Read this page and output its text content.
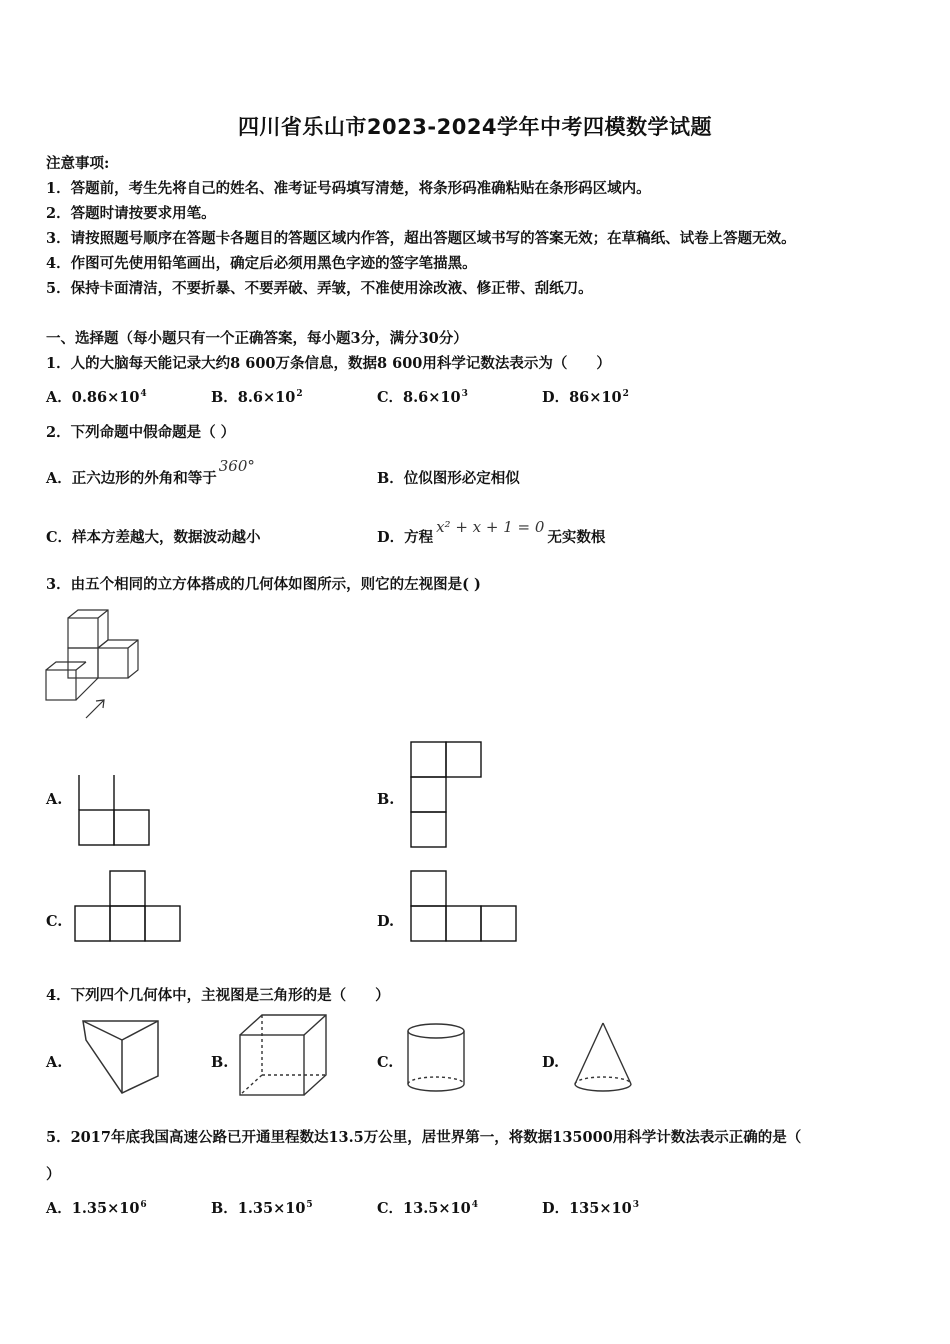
四川省乐山市2023-2024学年中考四模数学试题
注意事项:
1．答题前，考生先将自己的姓名、准考证号码填写清楚，将条形码准确粘贴在条形码区域内。
2．答题时请按要求用笔。
3．请按照题号顺序在答题卡各题目的答题区域内作答，超出答题区域书写的答案无效；在草稿纸、试卷上答题无效。
4．作图可先使用铅笔画出，确定后必须用黑色字迹的签字笔描黑。
5．保持卡面清洁，不要折暴、不要弄破、弄皱，不准使用涂改液、修正带、刮纸刀。
一、选择题（每小题只有一个正确答案，每小题3分，满分30分）
1．人的大脑每天能记录大约8 600万条信息，数据8 600用科学记数法表示为（　　）
A．$0.86\times 10^4$	B．$8.6\times 10^2$	C．$8.6\times 10^3$	D．$86\times 10^2$
2．下列命题中假命题是（ ）
A．正六边形的外角和等于360°
B．位似图形必定相似
C．样本方差越大，数据波动越小	D．方程x² + x + 1 = 0无实数根
3．由五个相同的立方体搭成的几何体如图所示，则它的左视图是( )
A.	B.
C.	D.
4．下列四个几何体中，主视图是三角形的是（　　）
A.	B.	C.	D.
5．2017年底我国高速公路已开通里程数达13.5万公里，居世界第一，将数据135000用科学计数法表示正确的是（
）
A．$1.35\times 10^6$	B．$1.35\times 10^5$	C．$13.5\times 10^4$	D．$135\times 10^3$
